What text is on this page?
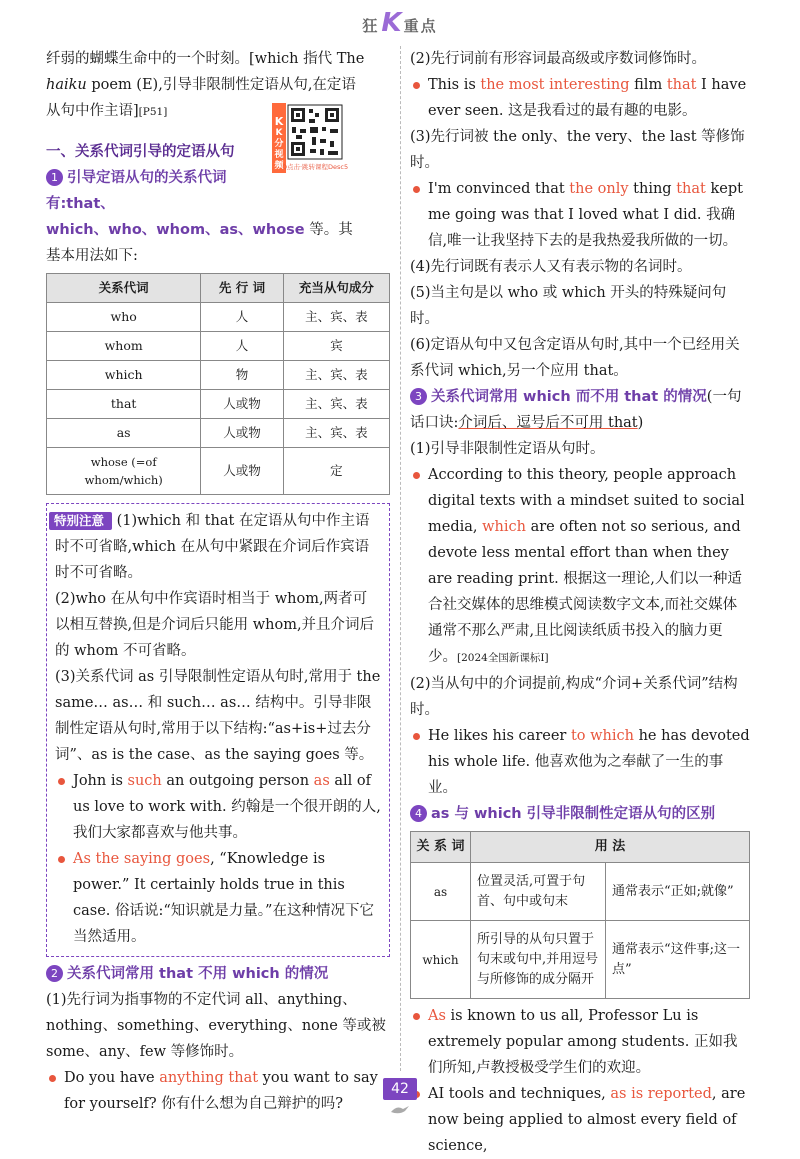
狂K 重点

纤弱的蝴蝶生命中的一个时刻。[which 指代 The

haiku poem (E),引导非限制性定语从句,在定语

从句中作主语][P51]

一、关系代词引导的定语从句

1 引导定语从句的关系代词有:that、

which、who、whom、as、whose 等。其

基本用法如下:

关系代词	先 行 词	充当从句成分
who	人	主、宾、表
whom	人	宾
which	物	主、宾、表
that	人或物	主、宾、表
as	人或物	主、宾、表
whose (=of whom/which)	人或物	定

特别注意 (1)which 和 that 在定语从句中作主语时不可省略,which 在从句中紧跟在介词后作宾语时不可省略。

(2)who 在从句中作宾语时相当于 whom,两者可以相互替换,但是介词后只能用 whom,并且介词后的 whom 不可省略。

(3)关系代词 as 引导限制性定语从句时,常用于 the same… as… 和 such… as… 结构中。引导非限制性定语从句时,常用于以下结构:“as+is+过去分词”、as is the case、as the saying goes 等。

John is such an outgoing person as all of us love to work with. 约翰是一个很开朗的人,我们大家都喜欢与他共事。

As the saying goes, “Knowledge is power.” It certainly holds true in this case. 俗话说:“知识就是力量。”在这种情况下它当然适用。

2 关系代词常用 that 不用 which 的情况

(1)先行词为指事物的不定代词 all、anything、nothing、something、everything、none 等或被 some、any、few 等修饰时。

Do you have anything that you want to say for yourself? 你有什么想为自己辩护的吗?

K
Q点击·跳转课程Desc5
K分视频

(2)先行词前有形容词最高级或序数词修饰时。

This is the most interesting film that I have ever seen. 这是我看过的最有趣的电影。

(3)先行词被 the only、the very、the last 等修饰时。

I'm convinced that the only thing that kept me going was that I loved what I did. 我确信,唯一让我坚持下去的是我热爱我所做的一切。

(4)先行词既有表示人又有表示物的名词时。

(5)当主句是以 who 或 which 开头的特殊疑问句时。

(6)定语从句中又包含定语从句时,其中一个已经用关系代词 which,另一个应用 that。

3 关系代词常用 which 而不用 that 的情况(一句话口诀:介词后、逗号后不可用 that)

(1)引导非限制性定语从句时。

According to this theory, people approach digital texts with a mindset suited to social media, which are often not so serious, and devote less mental effort than when they are reading print. 根据这一理论,人们以一种适合社交媒体的思维模式阅读数字文本,而社交媒体通常不那么严肃,且比阅读纸质书投入的脑力更少。[2024全国新课标Ⅰ]

(2)当从句中的介词提前,构成“介词+关系代词”结构时。

He likes his career to which he has devoted his whole life. 他喜欢他为之奉献了一生的事业。

4 as 与 which 引导非限制性定语从句的区别

关 系 词	用 法	
as	位置灵活,可置于句首、句中或句末	通常表示“正如;就像”
which	所引导的从句只置于句末或句中,并用逗号与所修饰的成分隔开	通常表示“这件事;这一点”

As is known to us all, Professor Lu is extremely popular among students. 正如我们所知,卢教授极受学生们的欢迎。

AI tools and techniques, as is reported, are now being applied to almost every field of science,

42
